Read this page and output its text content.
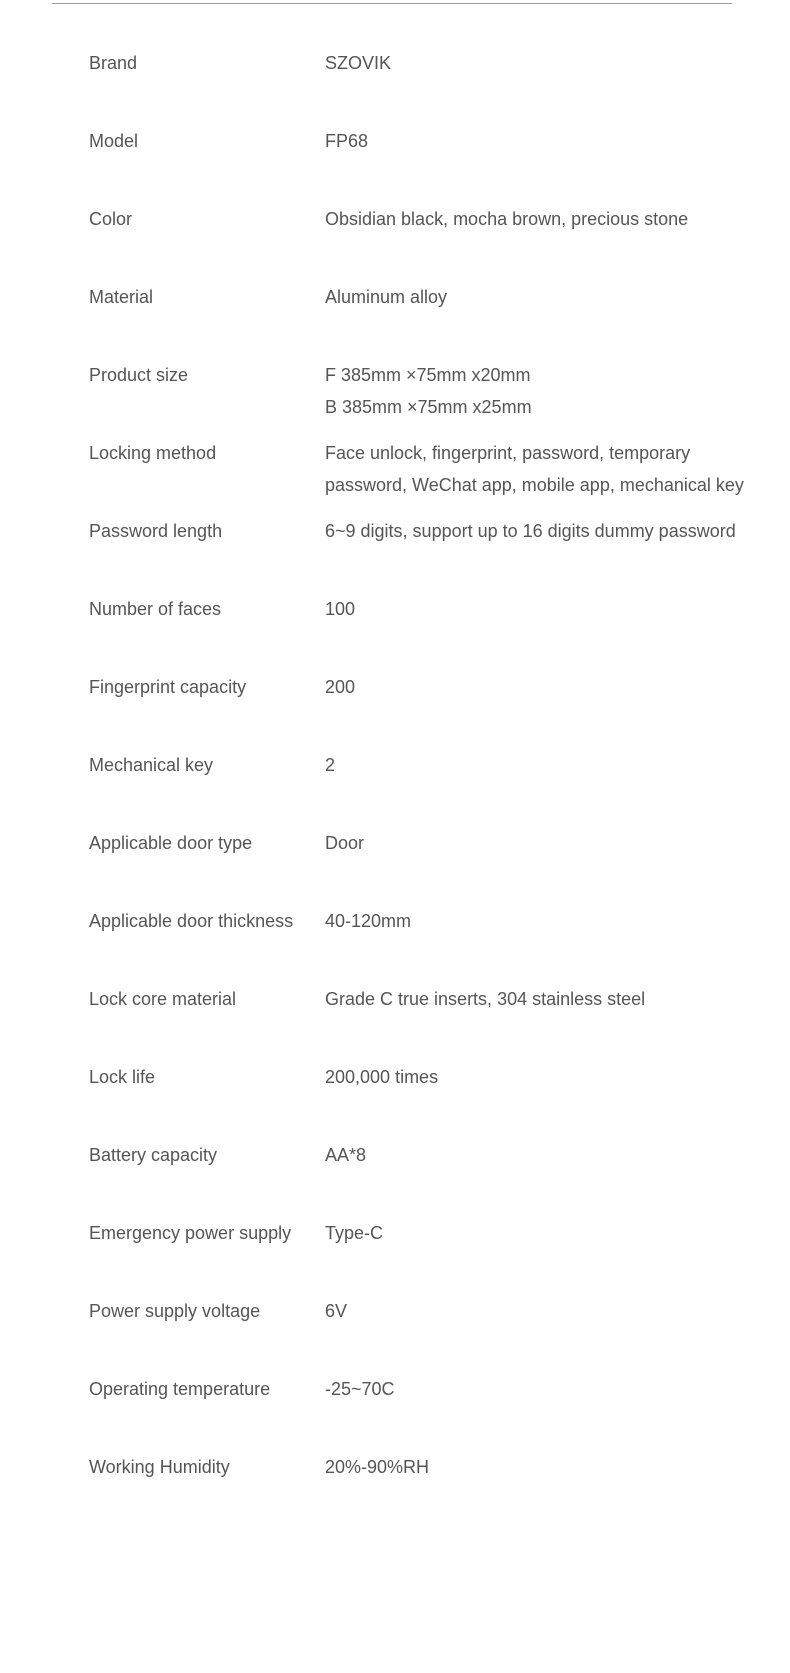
Brand	SZOVIK
Model	FP68
Color	Obsidian black, mocha brown, precious stone
Material	Aluminum alloy
Product size	F 385mm ×75mm x20mm
B 385mm ×75mm x25mm
Locking method	Face unlock, fingerprint, password, temporary
password, WeChat app, mobile app, mechanical key
Password length	6~9 digits, support up to 16 digits dummy password
Number of faces	100
Fingerprint capacity	200
Mechanical key	2
Applicable door type	Door
Applicable door thickness	40-120mm
Lock core material	Grade C true inserts, 304 stainless steel
Lock life	200,000 times
Battery capacity	AA*8
Emergency power supply	Type-C
Power supply voltage	6V
Operating temperature	-25~70C
Working Humidity	20%-90%RH
